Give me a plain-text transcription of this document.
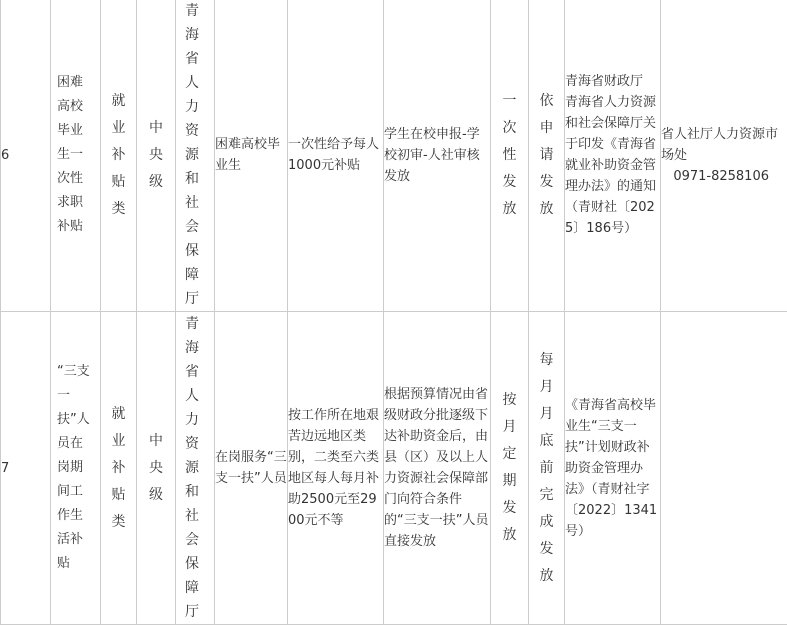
6	困难高校毕业生一次性求职补贴	就业补贴类	中央级	青海省人力资源和社会保障厅	困难高校毕业生	一次性给予每人1000元补贴	学生在校申报-学校初审-人社审核发放	一次性发放	依申请发放	青海省财政厅 青海省人力资源和社会保障厅关于印发《青海省就业补助资金管理办法》的通知（青财社〔2025〕186号）	省人社厅人力资源市场处
0971-8258106

7	“三支一扶”人员在岗期间工作生活补贴	就业补贴类	中央级	青海省人力资源和社会保障厅	在岗服务“三支一扶”人员	按工作所在地艰苦边远地区类别，二类至六类地区每人每月补助2500元至2900元不等	根据预算情况由省级财政分批逐级下达补助资金后，由县（区）及以上人力资源社会保障部门向符合条件的“三支一扶”人员直接发放	按月定期发放	每月月底前完成发放	《青海省高校毕业生“三支一扶”计划财政补助资金管理办法》（青财社字〔2022〕1341号）	
